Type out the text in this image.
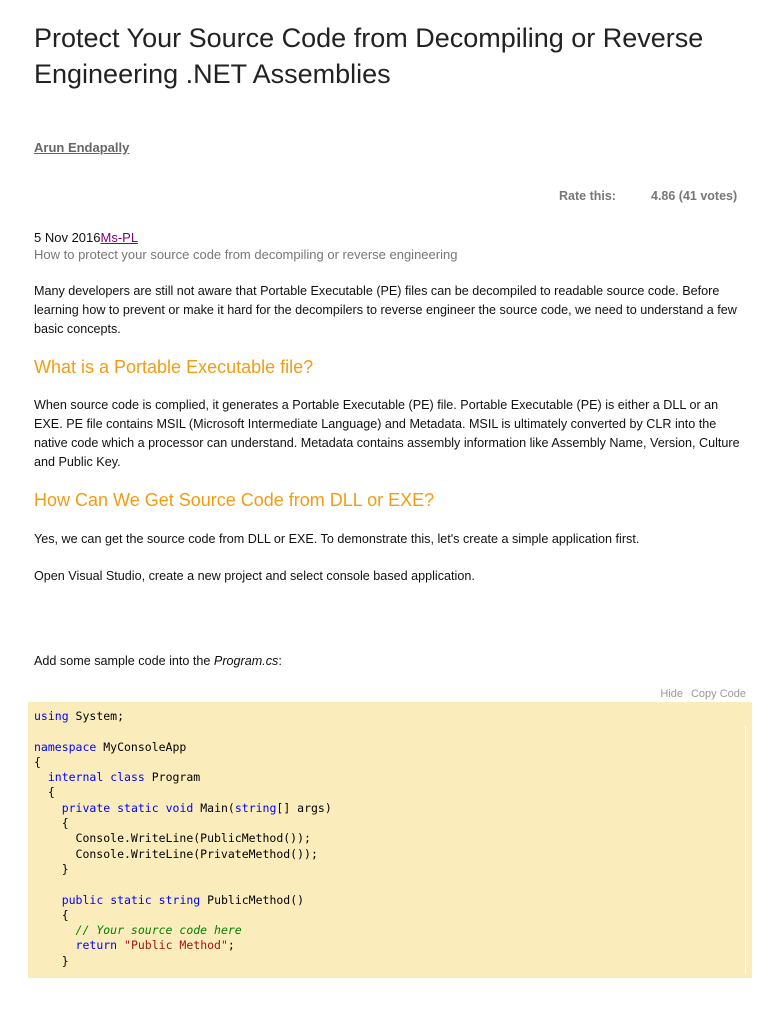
Protect Your Source Code from Decompiling or Reverse Engineering .NET Assemblies
Arun Endapally
Rate this:	4.86 (41 votes)
5 Nov 2016Ms-PL
How to protect your source code from decompiling or reverse engineering

Many developers are still not aware that Portable Executable (PE) files can be decompiled to readable source code. Before learning how to prevent or make it hard for the decompilers to reverse engineer the source code, we need to understand a few basic concepts.

What is a Portable Executable file?

When source code is complied, it generates a Portable Executable (PE) file. Portable Executable (PE) is either a DLL or an EXE. PE file contains MSIL (Microsoft Intermediate Language) and Metadata. MSIL is ultimately converted by CLR into the native code which a processor can understand. Metadata contains assembly information like Assembly Name, Version, Culture and Public Key.

How Can We Get Source Code from DLL or EXE?

Yes, we can get the source code from DLL or EXE. To demonstrate this, let's create a simple application first.

Open Visual Studio, create a new project and select console based application.

Add some sample code into the Program.cs:

Hide Copy Code
using System;

namespace MyConsoleApp
{
internal class Program
{
private static void Main(string[] args)
{
Console.WriteLine(PublicMethod());
Console.WriteLine(PrivateMethod());
}

public static string PublicMethod()
{
// Your source code here
return "Public Method";
}
